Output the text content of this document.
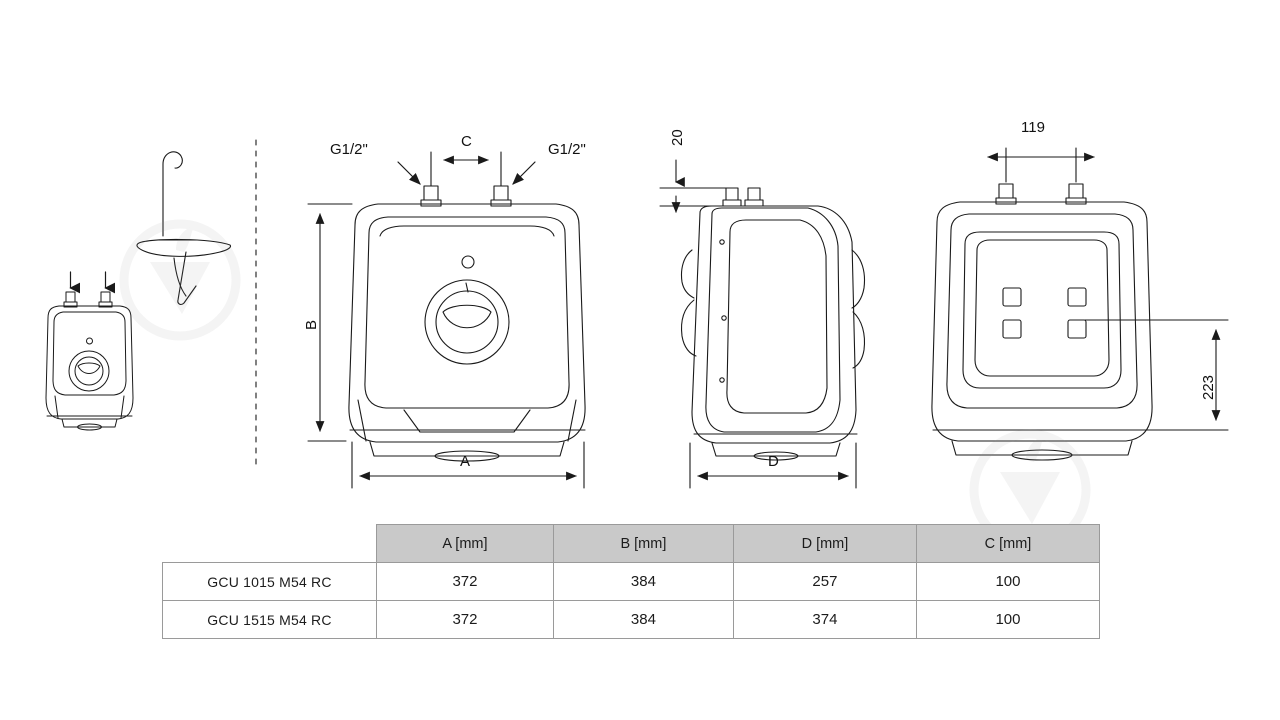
G1/2"	G1/2"
C
B
A
20
D
119
223
	A [mm]	B [mm]	D [mm]	C [mm]
GCU 1015 M54 RC	372	384	257	100
GCU 1515 M54 RC	372	384	374	100
